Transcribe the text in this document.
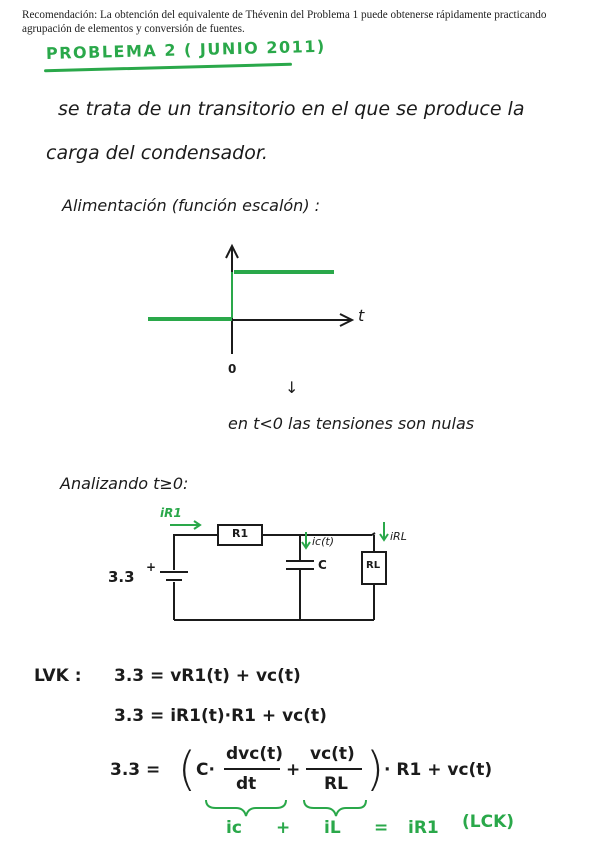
Recomendación: La obtención del equivalente de Thévenin del Problema 1 puede obtenerse rápidamente practicando agrupación de elementos y conversión de fuentes.
PROBLEMA 2 ( JUNIO 2011)
se trata de un transitorio en el que se produce la
carga del condensador.
Alimentación (función escalón) :
t
0
↓
en t<0 las tensiones son nulas
Analizando t≥0:
3.3
+
R1
RL
C
iR1
ic(t)	iRL
LVK : 3.3 = vR1(t) + vc(t)
3.3 = iR1(t)·R1 + vc(t)
3.3 = ( C·
dvc(t)
dt
+
vc(t)
RL ) · R1 + vc(t)
ic + iL = iR1 (LCK)
